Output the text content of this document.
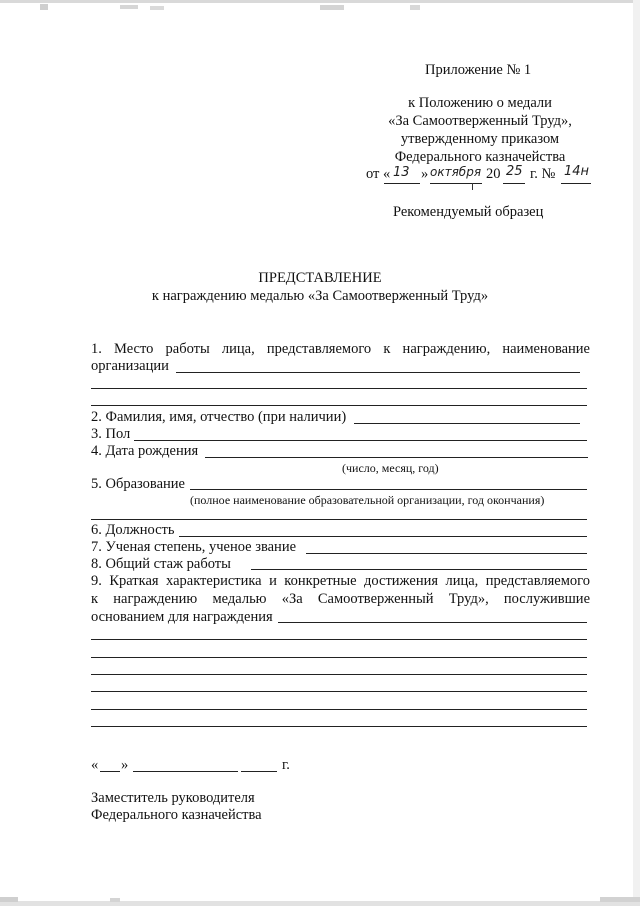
Приложение № 1
к Положению о медали
«За Самоотверженный Труд»,
утвержденному приказом
Федерального казначейства
от « 13 » октября 20 25 г. № 14н
Рекомендуемый образец
ПРЕДСТАВЛЕНИЕ
к награждению медалью «За Самоотверженный Труд»
1. Место работы лица, представляемого к награждению, наименование
организации
2. Фамилия, имя, отчество (при наличии)
3. Пол
4. Дата рождения
(число, месяц, год)
5. Образование
(полное наименование образовательной организации, год окончания)
6. Должность
7. Ученая степень, ученое звание
8. Общий стаж работы
9. Краткая характеристика и конкретные достижения лица, представляемого
к награждению медалью «За Самоотверженный Труд», послужившие
основанием для награждения
« »	г.
Заместитель руководителя
Федерального казначейства
